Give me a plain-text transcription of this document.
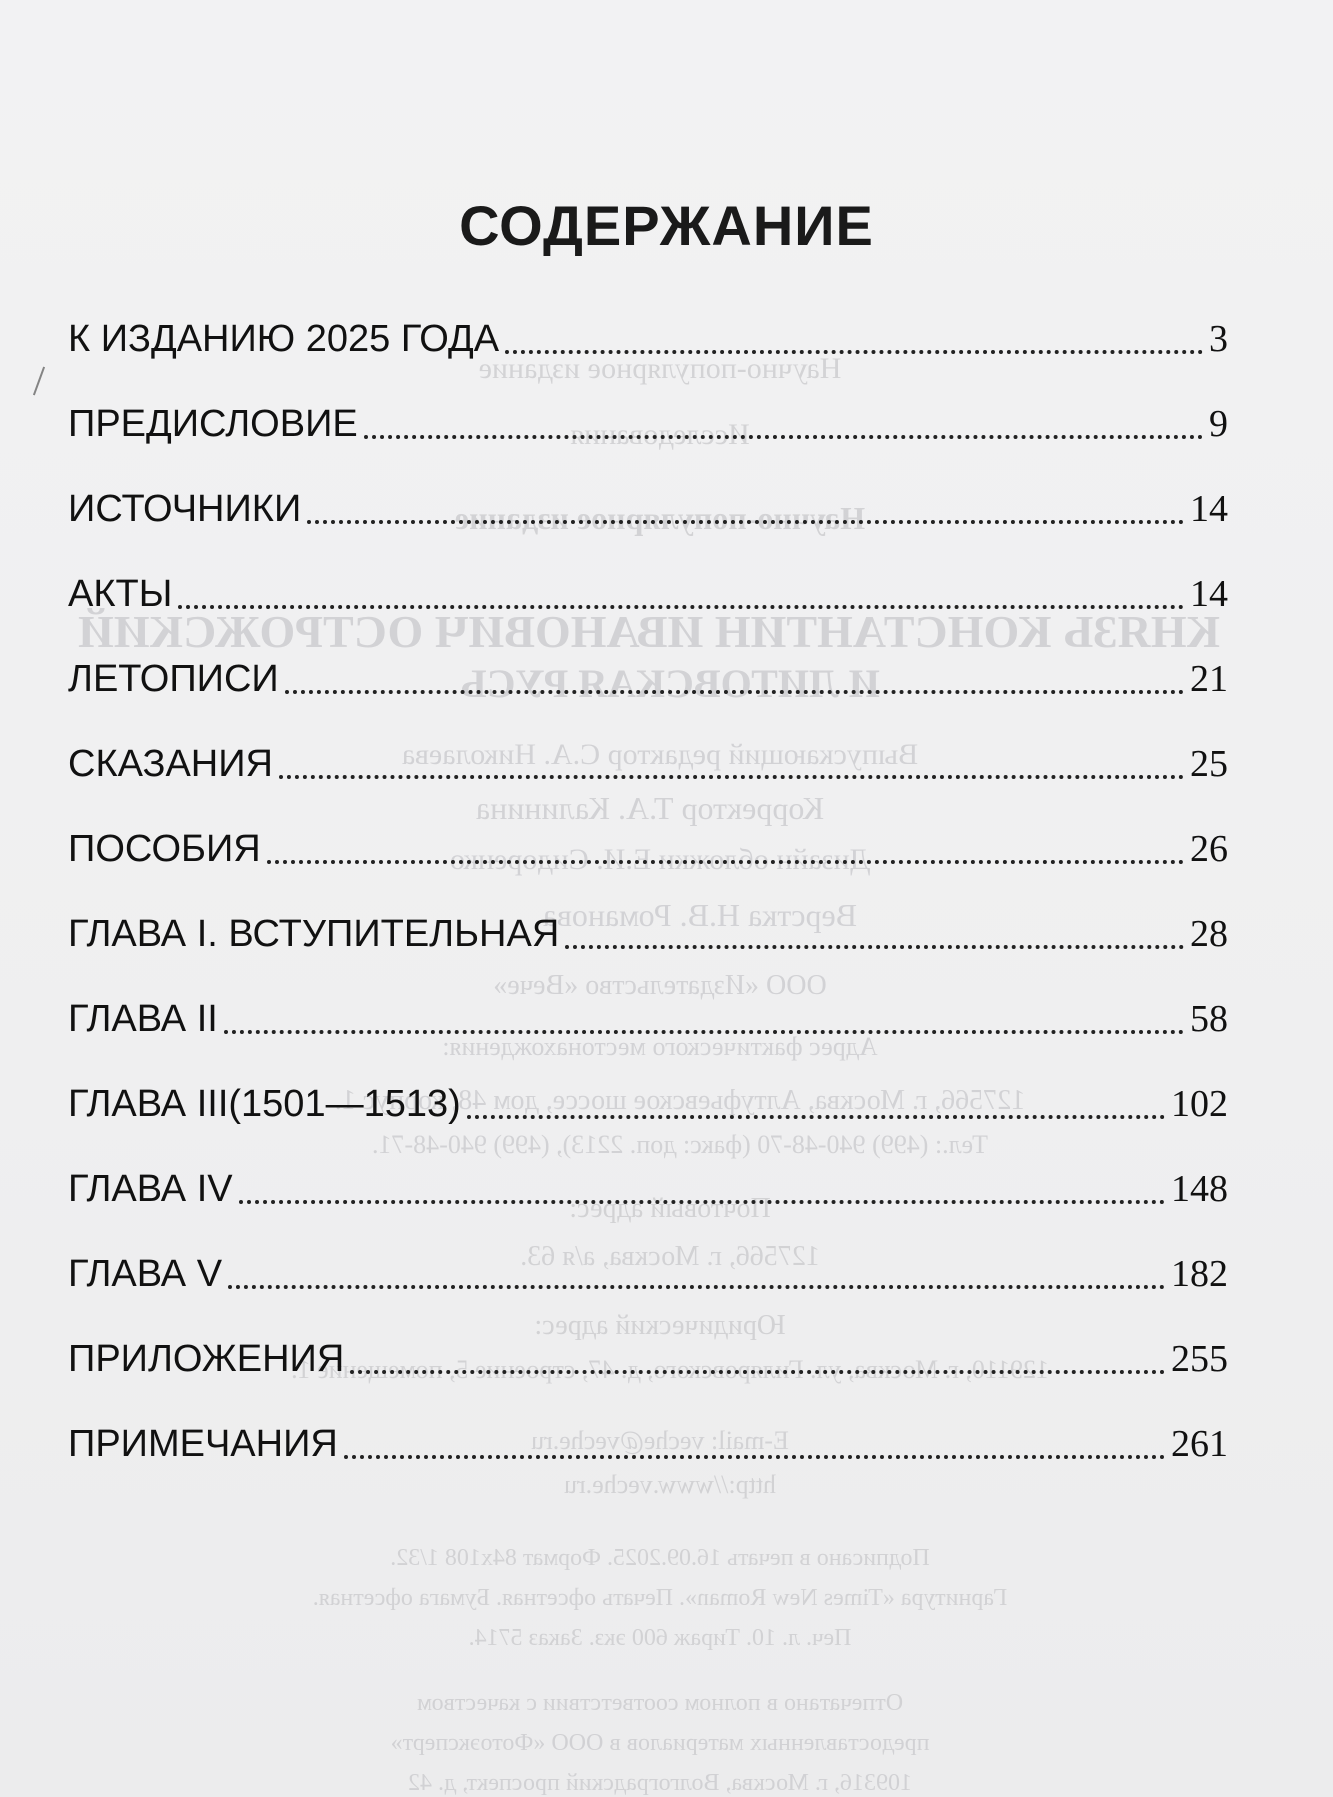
Научно-популярное издание
Исследования
Научно-популярное издание
КНЯЗЬ КОНСТАНТИН ИВАНОВИЧ ОСТРОЖСКИЙ
И ЛИТОВСКАЯ РУСЬ
Выпускающий редактор С.А. Николаева
Корректор Т.А. Калинина
Дизайн обложки Е.И. Сидоренко
Верстка Н.В. Романова
ООО «Издательство «Вече»
Адрес фактического местонахождения:
127566, г. Москва, Алтуфьевское шоссе, дом 48, корпус 1.
Тел.: (499) 940-48-70 (факс: доп. 2213), (499) 940-48-71.
Почтовый адрес:
127566, г. Москва, а/я 63.
Юридический адрес:
129110, г. Москва, ул. Гиляровского, д. 47, строение 5, помещение 1.
E-mail: veche@veche.ru
http://www.veche.ru
Подписано в печать 16.09.2025. Формат 84х108 1/32.
Гарнитура «Times New Roman». Печать офсетная. Бумага офсетная.
Печ. л. 10. Тираж 600 экз. Заказ 5714.
Отпечатано в полном соответствии с качеством
предоставленных материалов в ООО «Фотоэксперт»
109316, г. Москва, Волгоградский проспект, д. 42
СОДЕРЖАНИЕ
К ИЗДАНИЮ 2025 ГОДА	3
ПРЕДИСЛОВИЕ	9
ИСТОЧНИКИ	14
АКТЫ	14
ЛЕТОПИСИ	21
СКАЗАНИЯ	25
ПОСОБИЯ	26
ГЛАВА I. ВСТУПИТЕЛЬНАЯ	28
ГЛАВА II	58
ГЛАВА III(1501—1513)	102
ГЛАВА IV	148
ГЛАВА V	182
ПРИЛОЖЕНИЯ	255
ПРИМЕЧАНИЯ	261
